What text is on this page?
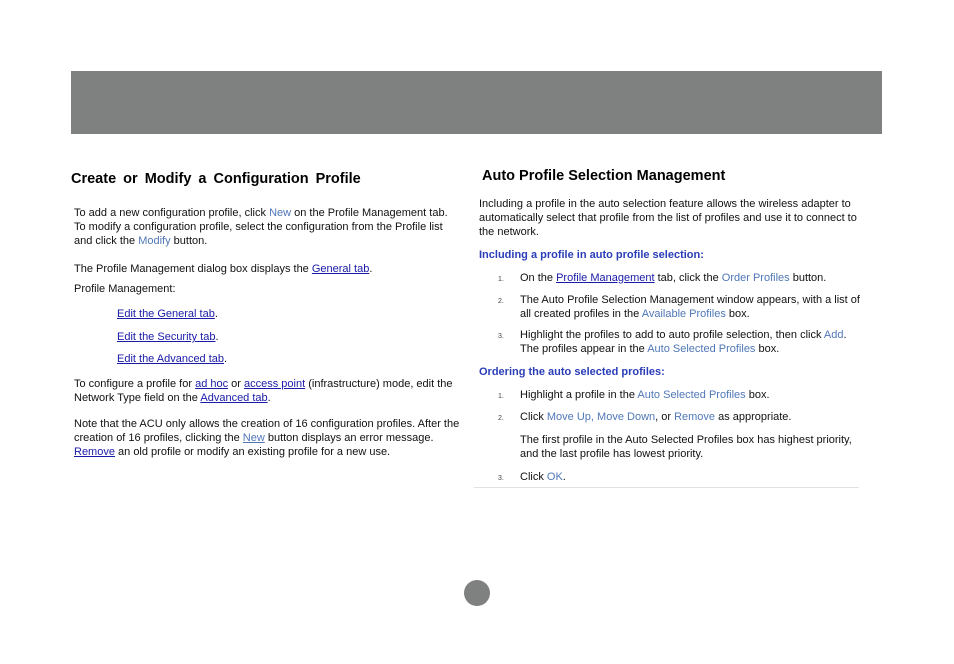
Create or Modify a Configuration Profile	Auto Profile Selection Management

To add a new configuration profile, click New on the Profile Management tab. To modify a configuration profile, select the configuration from the Profile list and click the Modify button.

The Profile Management dialog box displays the General tab.

Profile Management:

Edit the General tab.

Edit the Security tab.

Edit the Advanced tab.

To configure a profile for ad hoc or access point (infrastructure) mode, edit the Network Type field on the Advanced tab.

Note that the ACU only allows the creation of 16 configuration profiles. After the creation of 16 profiles, clicking the New button displays an error message. Remove an old profile or modify an existing profile for a new use.

Including a profile in the auto selection feature allows the wireless adapter to automatically select that profile from the list of profiles and use it to connect to the network.

Including a profile in auto profile selection:
1. On the Profile Management tab, click the Order Profiles button.
2. The Auto Profile Selection Management window appears, with a list of all created profiles in the Available Profiles box.
3. Highlight the profiles to add to auto profile selection, then click Add. The profiles appear in the Auto Selected Profiles box.
Ordering the auto selected profiles:
1. Highlight a profile in the Auto Selected Profiles box.
2. Click Move Up, Move Down, or Remove as appropriate.
The first profile in the Auto Selected Profiles box has highest priority, and the last profile has lowest priority.
3. Click OK.
